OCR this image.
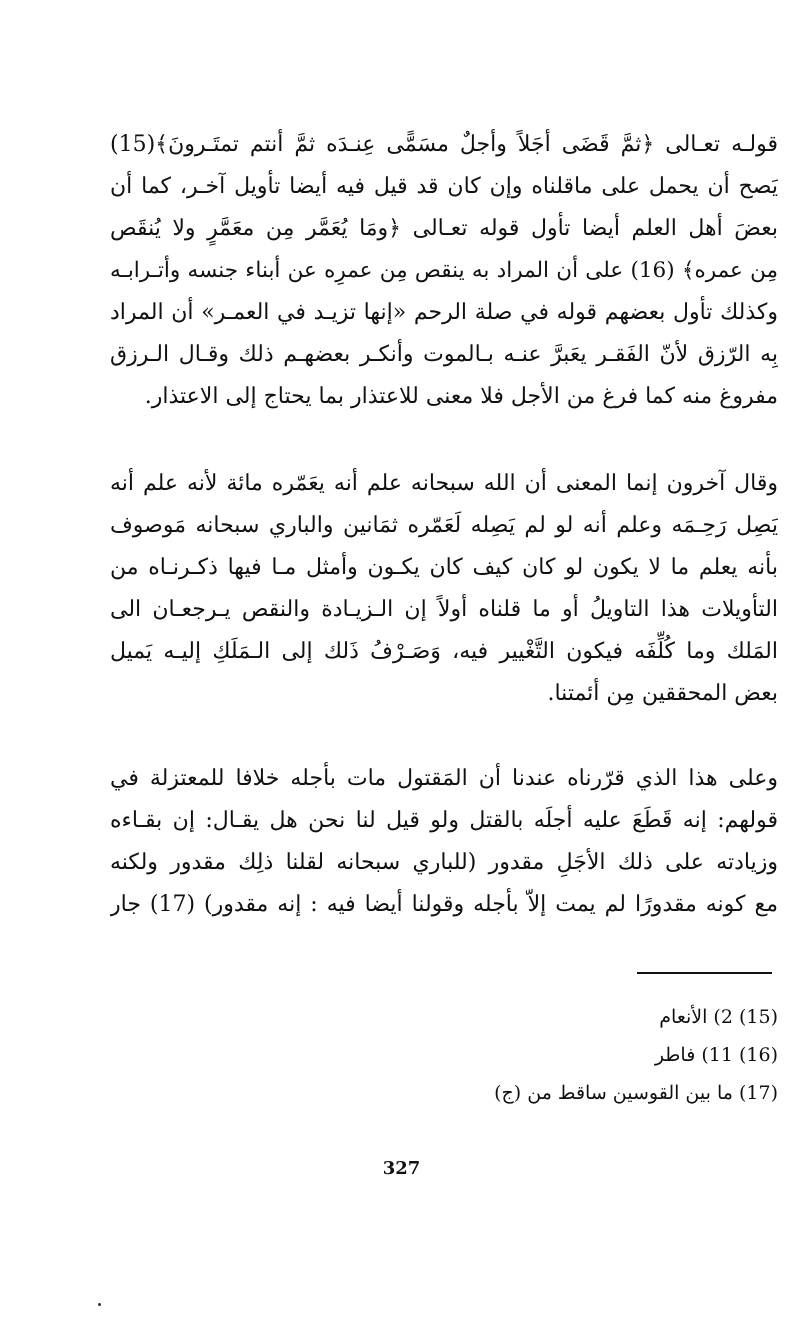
قولـه تعـالى ﴿ثمَّ قَضَى أجَلاً وأجلٌ مسَمًّى عِنـدَه ثمَّ أنتم تمتَـرونَ﴾(15)
يَصح أن يحمل على ماقلناه وإن كان قد قيل فيه أيضا تأويل آخـر، كما أن
بعضَ أهل العلم أيضا تأول قوله تعـالى ﴿ومَا يُعَمَّر مِن معَمَّرٍ ولا يُنقَص
مِن عمره﴾ (16) على أن المراد به ينقص مِن عمرِه عن أبناء جنسه وأتـرابـه
وكذلك تأول بعضهم قوله في صلة الرحم «إنها تزيـد في العمـر» أن المراد
بِه الرّزق لأنّ الفَقـر يعَبرَّ عنـه بـالموت وأنكـر بعضهـم ذلك وقـال الـرزق
مفروغ منه كما فرغ من الأجل فلا معنى للاعتذار بما يحتاج إلى الاعتذار.
وقال آخرون إنما المعنى أن الله سبحانه علم أنه يعَمّره مائة لأنه علم أنه
يَصِل رَحِـمَه وعلم أنه لو لم يَصِله لَعَمّره ثمَانين والباري سبحانه مَوصوف
بأنه يعلم ما لا يكون لو كان كيف كان يكـون وأمثل مـا فيها ذكـرنـاه من
التأويلات هذا التاويلُ أو ما قلناه أولاً إن الـزيـادة والنقص يـرجعـان الى
المَلك وما كُلِّفَه فيكون التَّغْيير فيه، وَصَـرْفُ ذَلك إلى الـمَلَكِ إليـه يَميل
بعض المحققين مِن أئمتنا.
وعلى هذا الذي قرّرناه عندنا أن المَقتول مات بأجله خلافا للمعتزلة في
قولهم: إنه قَطَعَ عليه أجلَه بالقتل ولو قيل لنا نحن هل يقـال: إن بقـاءه
وزيادته على ذلك الأجَلِ مقدور (للباري سبحانه لقلنا ذلِك مقدور ولكنه
مع كونه مقدورًا لم يمت إلاّ بأجله وقولنا أيضا فيه : إنه مقدور) (17) جار
(15) 2) الأنعام
(16) 11) فاطر
(17) ما بين القوسين ساقط من (ج)
327
